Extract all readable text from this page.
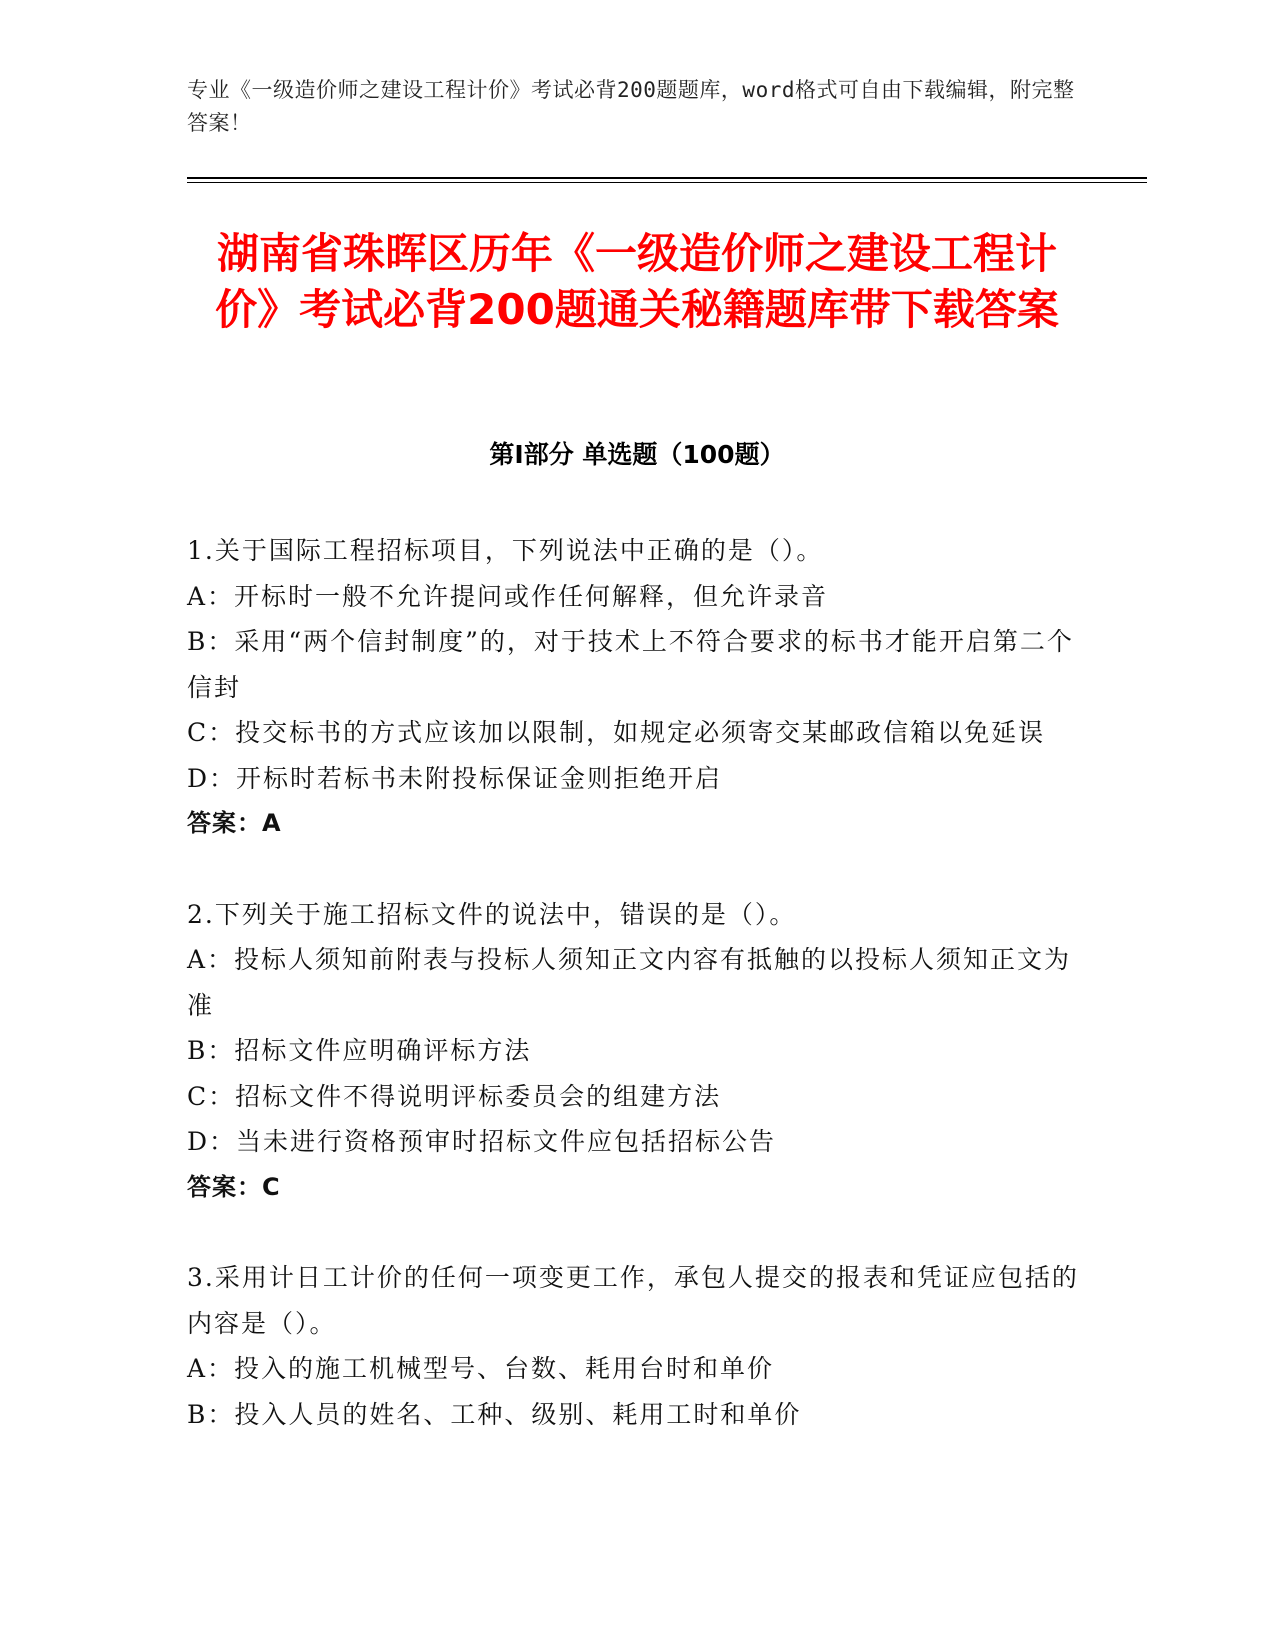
专业《一级造价师之建设工程计价》考试必背200题题库，word格式可自由下载编辑，附完整答案！
湖南省珠晖区历年《一级造价师之建设工程计价》考试必背200题通关秘籍题库带下载答案
第I部分 单选题（100题）

1.关于国际工程招标项目，下列说法中正确的是（）。

A：开标时一般不允许提问或作任何解释，但允许录音

B：采用“两个信封制度”的，对于技术上不符合要求的标书才能开启第二个信封

C：投交标书的方式应该加以限制，如规定必须寄交某邮政信箱以免延误

D：开标时若标书未附投标保证金则拒绝开启

答案：A

2.下列关于施工招标文件的说法中，错误的是（）。

A：投标人须知前附表与投标人须知正文内容有抵触的以投标人须知正文为准

B：招标文件应明确评标方法

C：招标文件不得说明评标委员会的组建方法

D：当未进行资格预审时招标文件应包括招标公告

答案：C

3.采用计日工计价的任何一项变更工作，承包人提交的报表和凭证应包括的内容是（）。

A：投入的施工机械型号、台数、耗用台时和单价

B：投入人员的姓名、工种、级别、耗用工时和单价
